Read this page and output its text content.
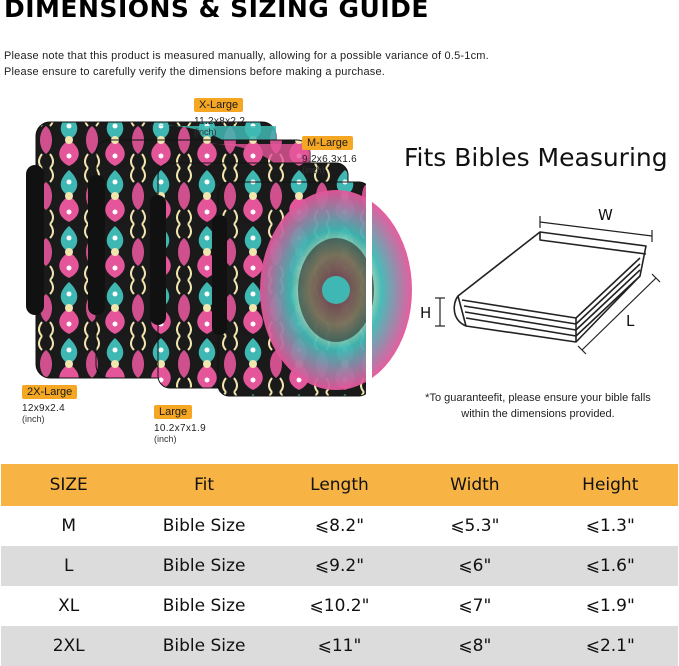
DIMENSIONS & SIZING GUIDE
Please note that this product is measured manually, allowing for a possible variance of 0.5-1cm.
Please ensure to carefully verify the dimensions before making a purchase.
W
H	L
X-Large
11.2x8x2.2
(inch)
M-Large
9.2x6.3x1.6
(inch)
2X-Large
12x9x2.4
(inch)
Large
10.2x7x1.9
(inch)
Fits Bibles Measuring
*To guaranteefit, please ensure your bible falls
within the dimensions provided.
SIZE	Fit	Length	Width	Height
M	Bible Size	⩽8.2"	⩽5.3"	⩽1.3"
L	Bible Size	⩽9.2"	⩽6"	⩽1.6"
XL	Bible Size	⩽10.2"	⩽7"	⩽1.9"
2XL	Bible Size	⩽11"	⩽8"	⩽2.1"
